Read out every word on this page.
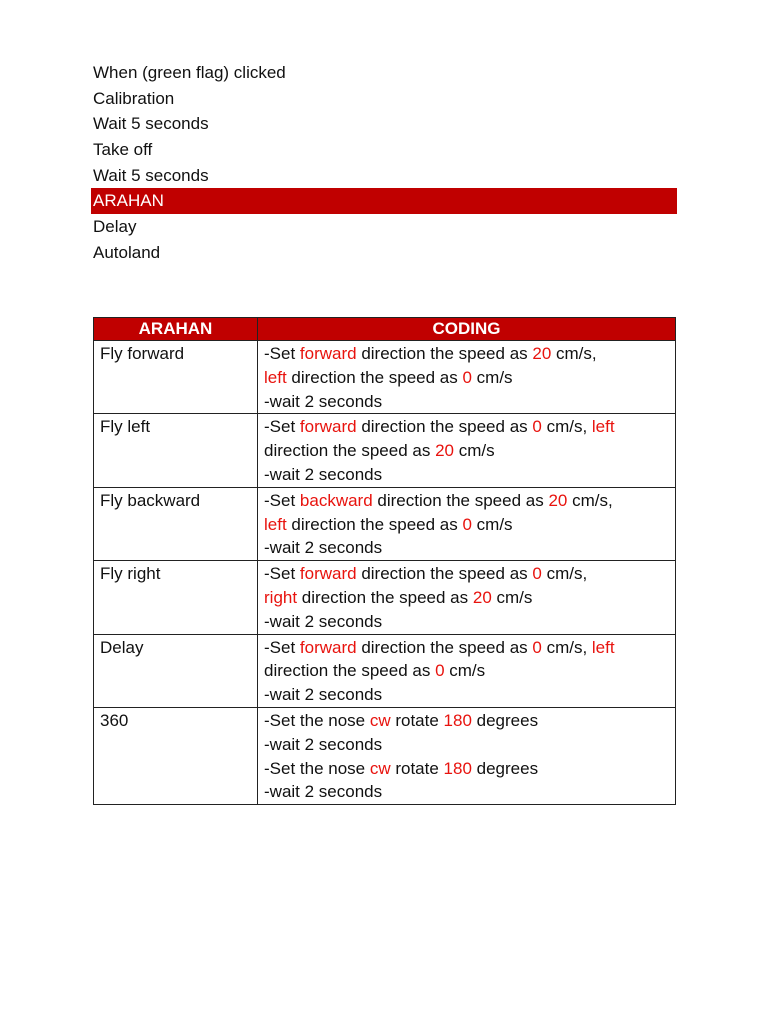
When (green flag) clicked
Calibration
Wait 5 seconds
Take off
Wait 5 seconds
ARAHAN
Delay
Autoland
ARAHAN	CODING
Fly forward	-Set forward direction the speed as 20 cm/s,
left direction the speed as 0 cm/s
-wait 2 seconds

Fly left	-Set forward direction the speed as 0 cm/s, left
direction the speed as 20 cm/s
-wait 2 seconds

Fly backward	-Set backward direction the speed as 20 cm/s,
left direction the speed as 0 cm/s
-wait 2 seconds

Fly right	-Set forward direction the speed as 0 cm/s,
right direction the speed as 20 cm/s
-wait 2 seconds

Delay	-Set forward direction the speed as 0 cm/s, left
direction the speed as 0 cm/s
-wait 2 seconds

360	-Set the nose cw rotate 180 degrees
-wait 2 seconds
-Set the nose cw rotate 180 degrees
-wait 2 seconds
